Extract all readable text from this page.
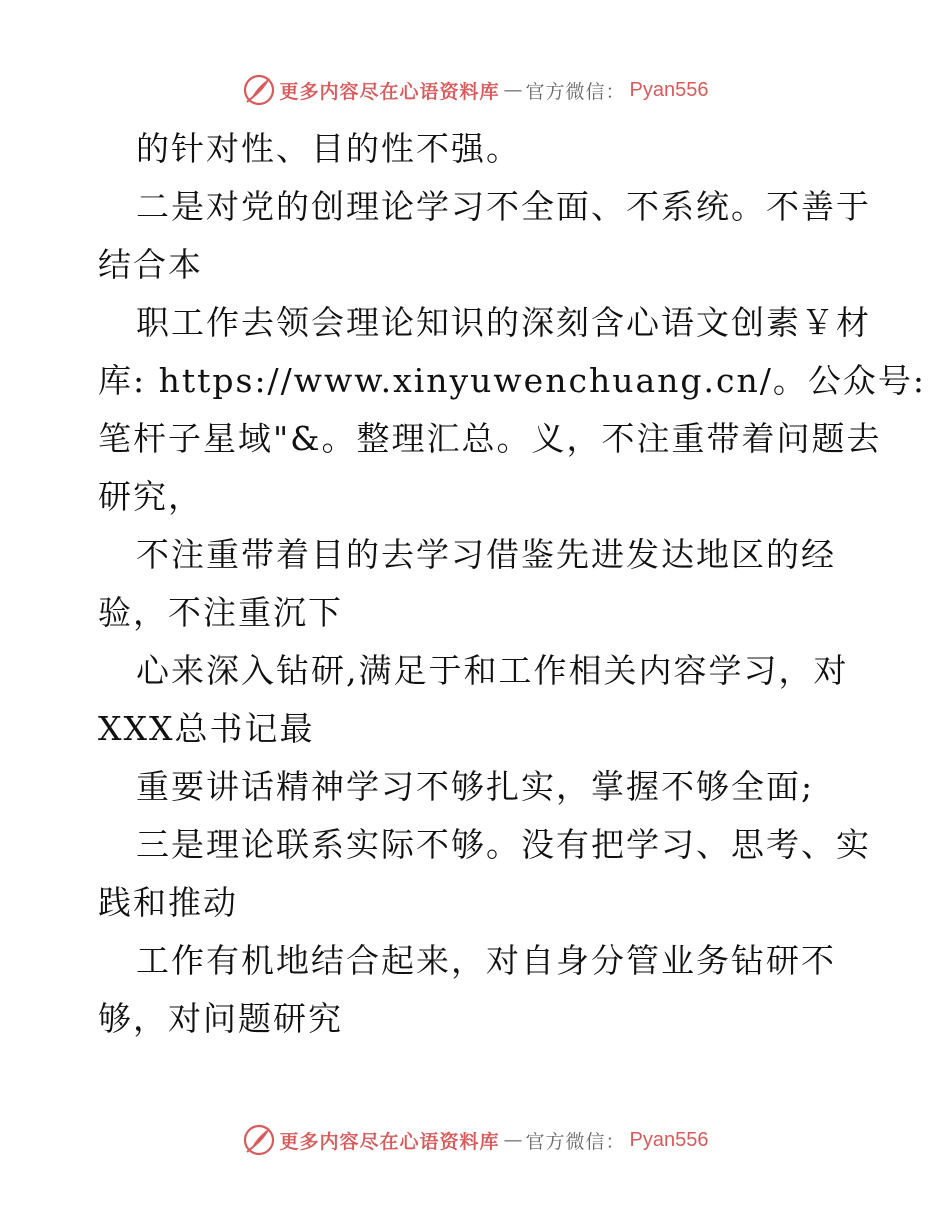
更多内容尽在心语资料库 — 官方微信： Pyan556
的针对性、目的性不强。
二是对党的创理论学习不全面、不系统。不善于
结合本
职工作去领会理论知识的深刻含心语文创素￥材
库: https://www.xinyuwenchuang.cn/。公众号:
笔杆子星域"&。整理汇总。义，不注重带着问题去
研究，
不注重带着目的去学习借鉴先进发达地区的经
验，不注重沉下
心来深入钻研,满足于和工作相关内容学习，对
XXX总书记最
重要讲话精神学习不够扎实，掌握不够全面;
三是理论联系实际不够。没有把学习、思考、实
践和推动
工作有机地结合起来，对自身分管业务钻研不
够，对问题研究
更多内容尽在心语资料库 — 官方微信： Pyan556
